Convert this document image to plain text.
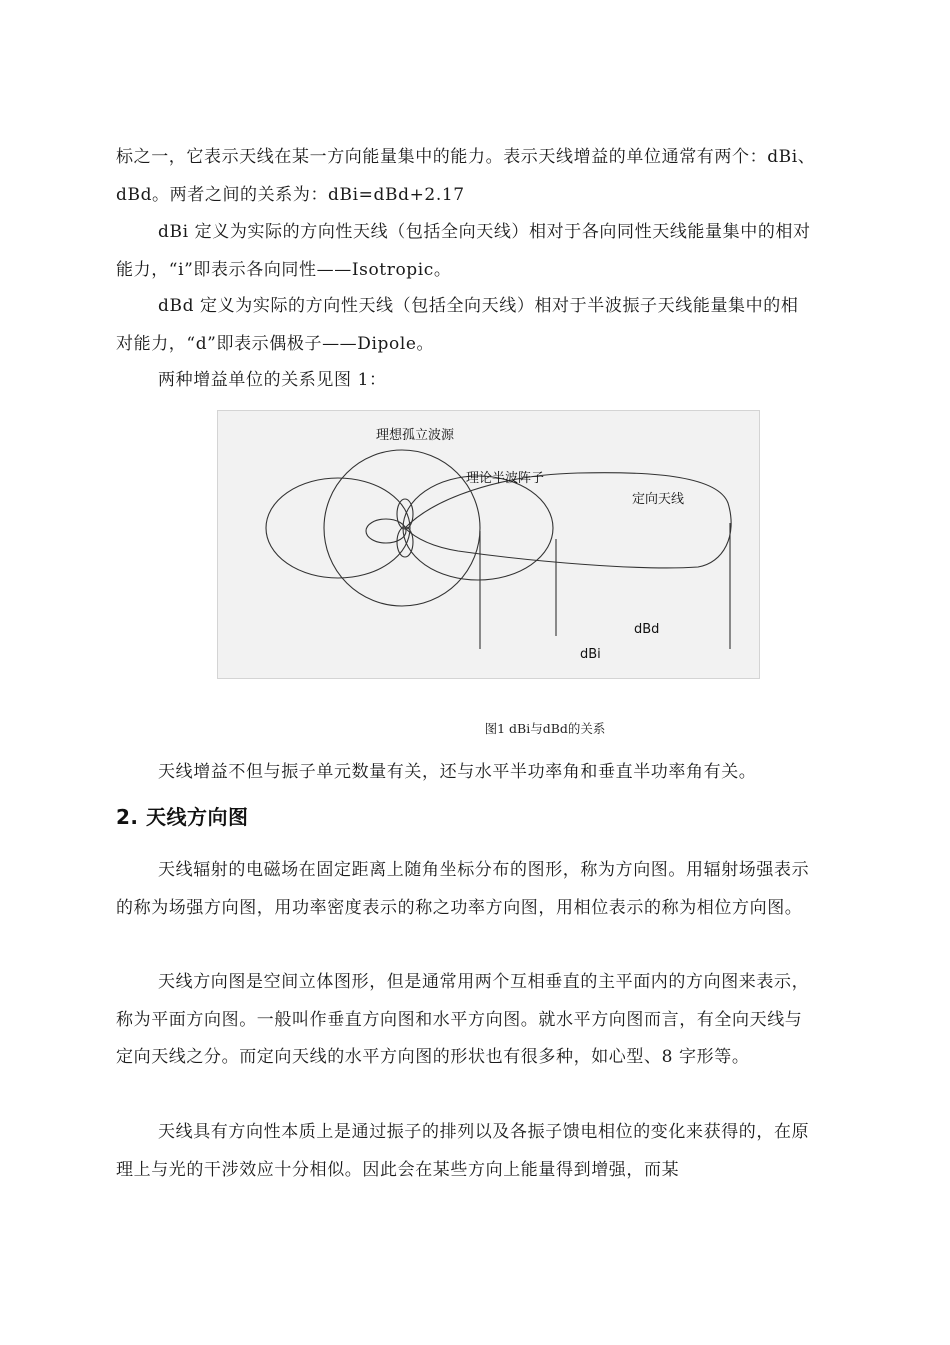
标之一，它表示天线在某一方向能量集中的能力。表示天线增益的单位通常有两个：dBi、dBd。两者之间的关系为：dBi=dBd+2.17

dBi 定义为实际的方向性天线（包括全向天线）相对于各向同性天线能量集中的相对能力，“i”即表示各向同性——Isotropic。

dBd 定义为实际的方向性天线（包括全向天线）相对于半波振子天线能量集中的相对能力，“d”即表示偶极子——Dipole。

两种增益单位的关系见图 1：

理想孤立波源
理论半波阵子
定向天线
dBd
dBi
图1 dBi与dBd的关系

天线增益不但与振子单元数量有关，还与水平半功率角和垂直半功率角有关。

2. 天线方向图

天线辐射的电磁场在固定距离上随角坐标分布的图形，称为方向图。用辐射场强表示的称为场强方向图，用功率密度表示的称之功率方向图，用相位表示的称为相位方向图。

天线方向图是空间立体图形，但是通常用两个互相垂直的主平面内的方向图来表示，称为平面方向图。一般叫作垂直方向图和水平方向图。就水平方向图而言，有全向天线与定向天线之分。而定向天线的水平方向图的形状也有很多种，如心型、8 字形等。

天线具有方向性本质上是通过振子的排列以及各振子馈电相位的变化来获得的，在原理上与光的干涉效应十分相似。因此会在某些方向上能量得到增强，而某
